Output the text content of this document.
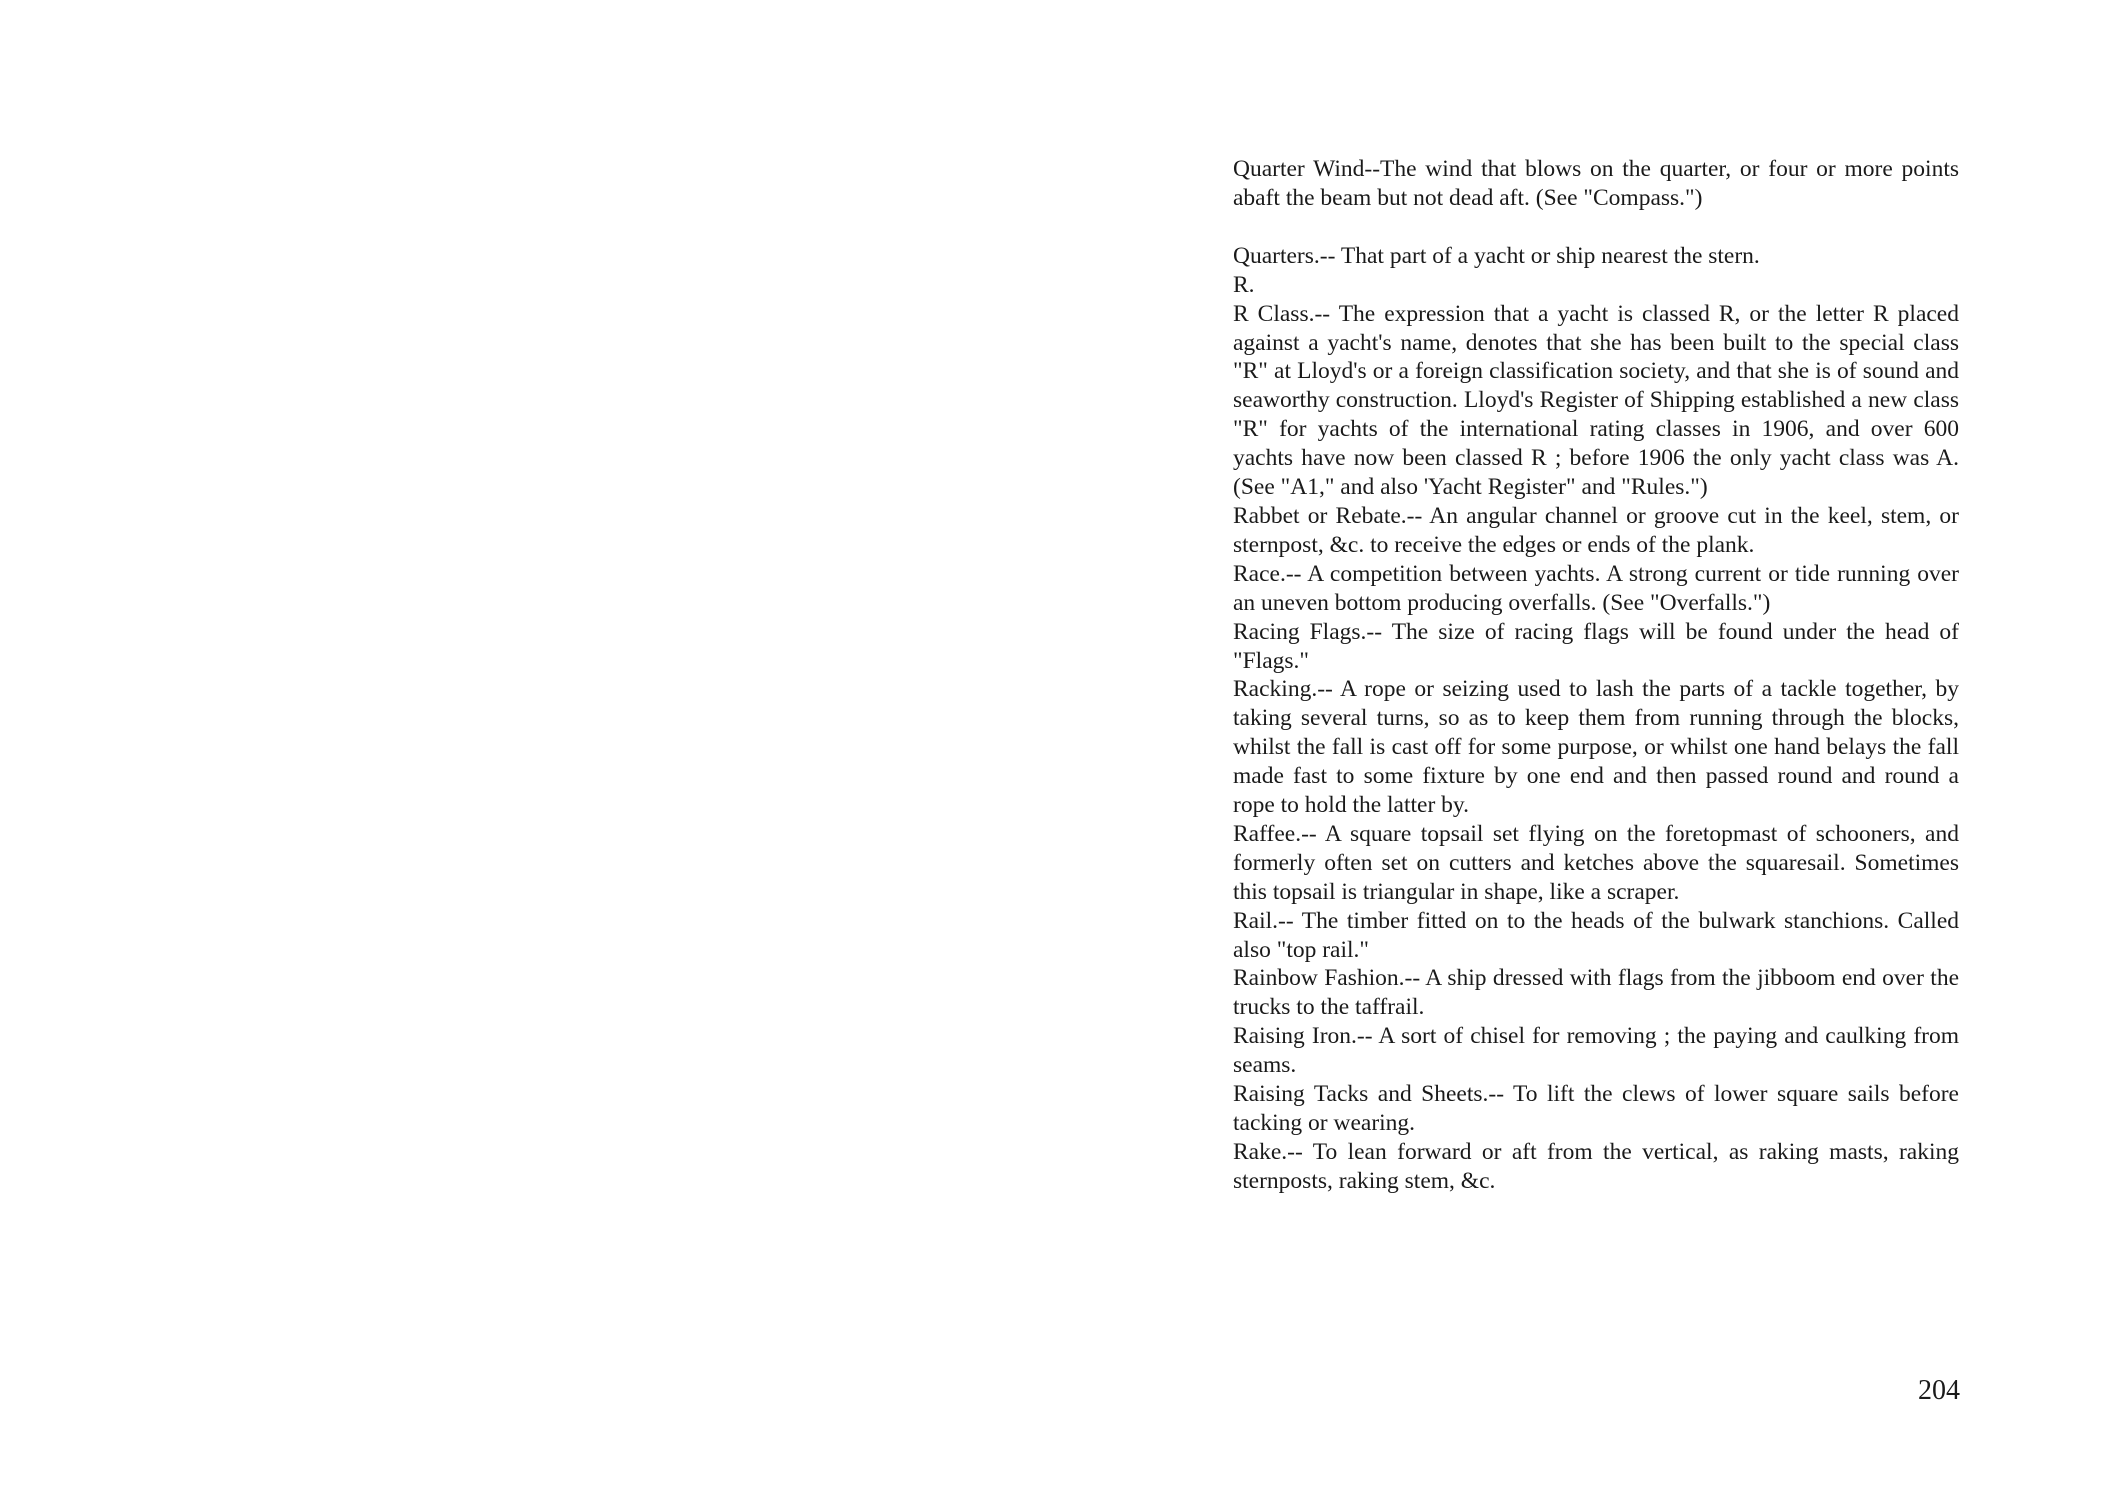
Quarter Wind--The wind that blows on the quarter, or four or more points abaft the beam but not dead aft. (See "Compass.")

Quarters.-- That part of a yacht or ship nearest the stern.

R.

R Class.-- The expression that a yacht is classed R, or the letter R placed against a yacht's name, denotes that she has been built to the special class "R" at Lloyd's or a foreign classification society, and that she is of sound and seaworthy construction. Lloyd's Register of Shipping established a new class "R" for yachts of the international rating classes in 1906, and over 600 yachts have now been classed R ; before 1906 the only yacht class was A. (See "A1," and also 'Yacht Register" and "Rules.")

Rabbet or Rebate.-- An angular channel or groove cut in the keel, stem, or sternpost, &c. to receive the edges or ends of the plank.

Race.-- A competition between yachts. A strong current or tide running over an uneven bottom producing overfalls. (See "Overfalls.")

Racing Flags.-- The size of racing flags will be found under the head of "Flags."

Racking.-- A rope or seizing used to lash the parts of a tackle together, by taking several turns, so as to keep them from running through the blocks, whilst the fall is cast off for some purpose, or whilst one hand belays the fall made fast to some fixture by one end and then passed round and round a rope to hold the latter by.

Raffee.-- A square topsail set flying on the foretopmast of schooners, and formerly often set on cutters and ketches above the squaresail. Sometimes this topsail is triangular in shape, like a scraper.

Rail.-- The timber fitted on to the heads of the bulwark stanchions. Called also "top rail."

Rainbow Fashion.-- A ship dressed with flags from the jibboom end over the trucks to the taffrail.

Raising Iron.-- A sort of chisel for removing ; the paying and caulking from seams.

Raising Tacks and Sheets.-- To lift the clews of lower square sails before tacking or wearing.

Rake.-- To lean forward or aft from the vertical, as raking masts, raking sternposts, raking stem, &c.

204
